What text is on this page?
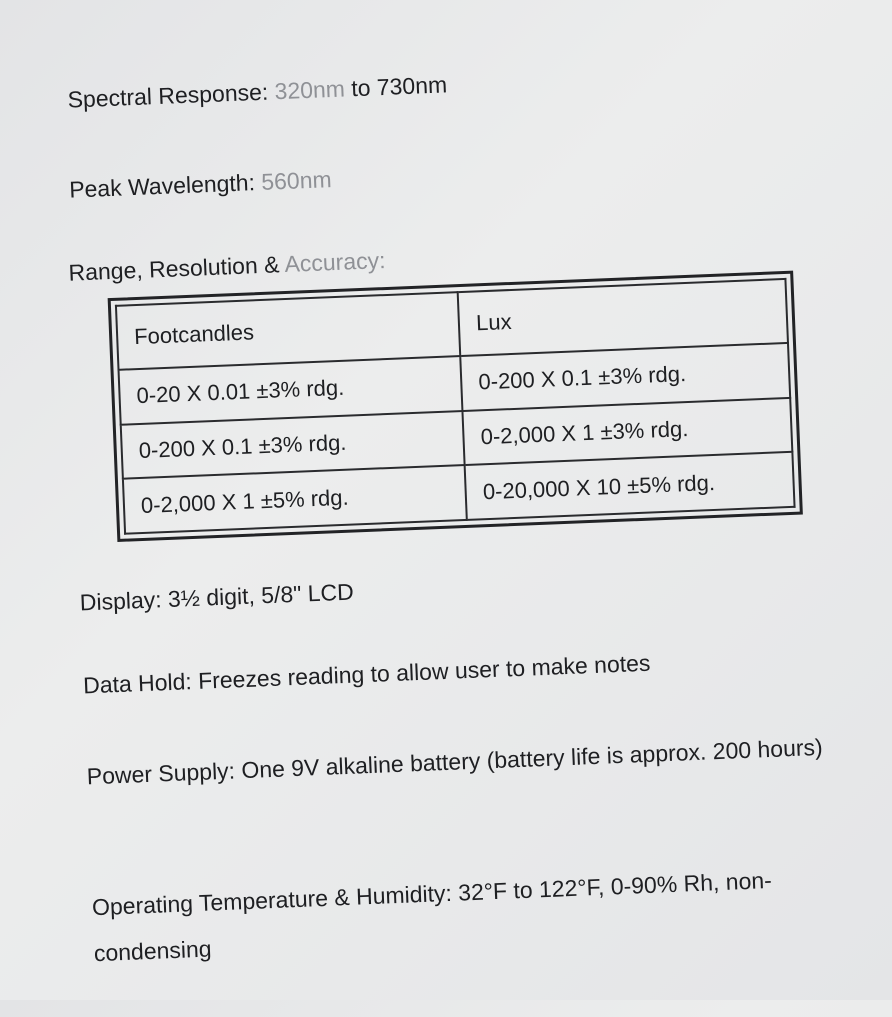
Spectral Response: 320nm to 730nm
Peak Wavelength: 560nm
Range, Resolution & Accuracy:
Footcandles	Lux
0-20 X 0.01 ±3% rdg.	0-200 X 0.1 ±3% rdg.
0-200 X 0.1 ±3% rdg.	0-2,000 X 1 ±3% rdg.
0-2,000 X 1 ±5% rdg.	0-20,000 X 10 ±5% rdg.
Display: 3½ digit, 5/8" LCD
Data Hold: Freezes reading to allow user to make notes
Power Supply: One 9V alkaline battery (battery life is approx. 200 hours)
Operating Temperature & Humidity: 32°F to 122°F, 0-90% Rh, non-condensing
